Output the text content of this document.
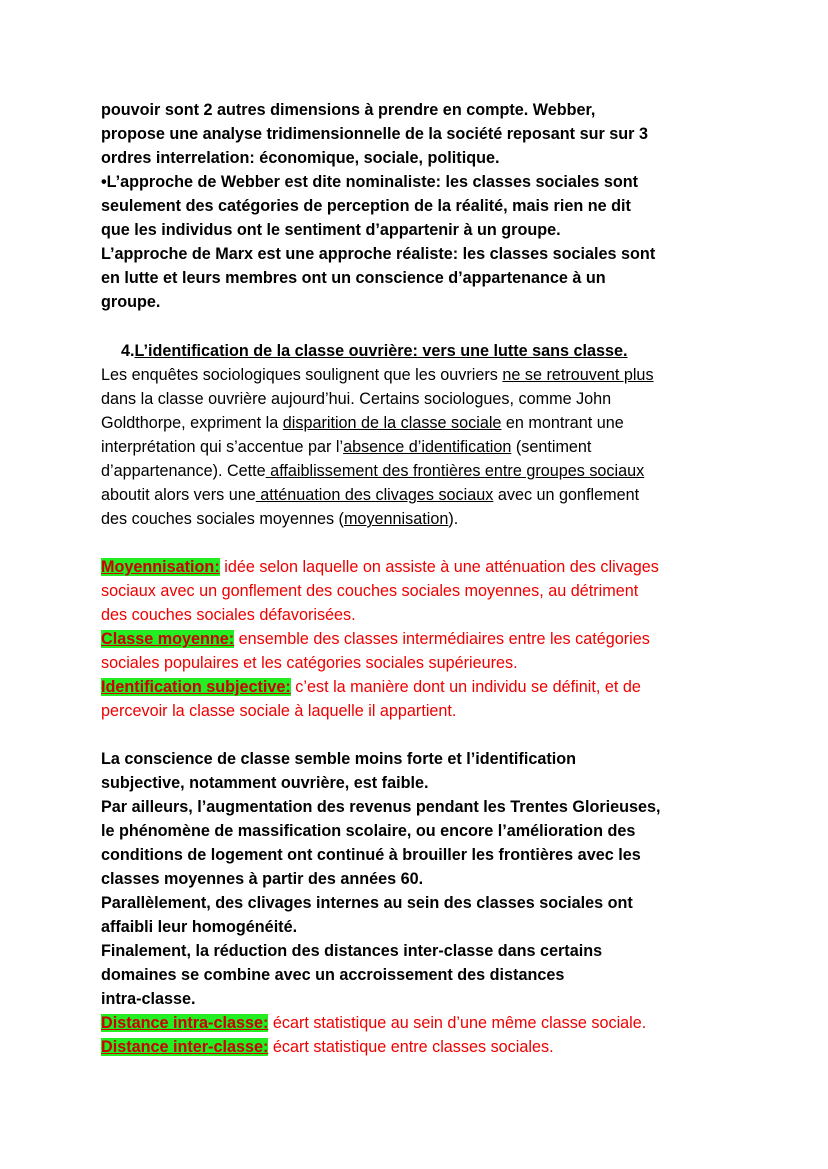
pouvoir sont 2 autres dimensions à prendre en compte. Webber,
propose une analyse tridimensionnelle de la société reposant sur sur 3
ordres interrelation: économique, sociale, politique.
•L’approche de Webber est dite nominaliste: les classes sociales sont
seulement des catégories de perception de la réalité, mais rien ne dit
que les individus ont le sentiment d’appartenir à un groupe.
L’approche de Marx est une approche réaliste: les classes sociales sont
en lutte et leurs membres ont un conscience d’appartenance à un
groupe.
4.L’identification de la classe ouvrière: vers une lutte sans classe.
Les enquêtes sociologiques soulignent que les ouvriers ne se retrouvent plus
dans la classe ouvrière aujourd’hui. Certains sociologues, comme John
Goldthorpe, expriment la disparition de la classe sociale en montrant une
interprétation qui s’accentue par l’absence d’identification (sentiment
d’appartenance). Cette affaiblissement des frontières entre groupes sociaux
aboutit alors vers une atténuation des clivages sociaux avec un gonflement
des couches sociales moyennes (moyennisation).
Moyennisation: idée selon laquelle on assiste à une atténuation des clivages
sociaux avec un gonflement des couches sociales moyennes, au détriment
des couches sociales défavorisées.
Classe moyenne: ensemble des classes intermédiaires entre les catégories
sociales populaires et les catégories sociales supérieures.
Identification subjective: c’est la manière dont un individu se définit, et de
percevoir la classe sociale à laquelle il appartient.
La conscience de classe semble moins forte et l’identification
subjective, notamment ouvrière, est faible.
Par ailleurs, l’augmentation des revenus pendant les Trentes Glorieuses,
le phénomène de massification scolaire, ou encore l’amélioration des
conditions de logement ont continué à brouiller les frontières avec les
classes moyennes à partir des années 60.
Parallèlement, des clivages internes au sein des classes sociales ont
affaibli leur homogénéité.
Finalement, la réduction des distances inter-classe dans certains
domaines se combine avec un accroissement des distances
intra-classe.
Distance intra-classe: écart statistique au sein d’une même classe sociale.
Distance inter-classe: écart statistique entre classes sociales.
